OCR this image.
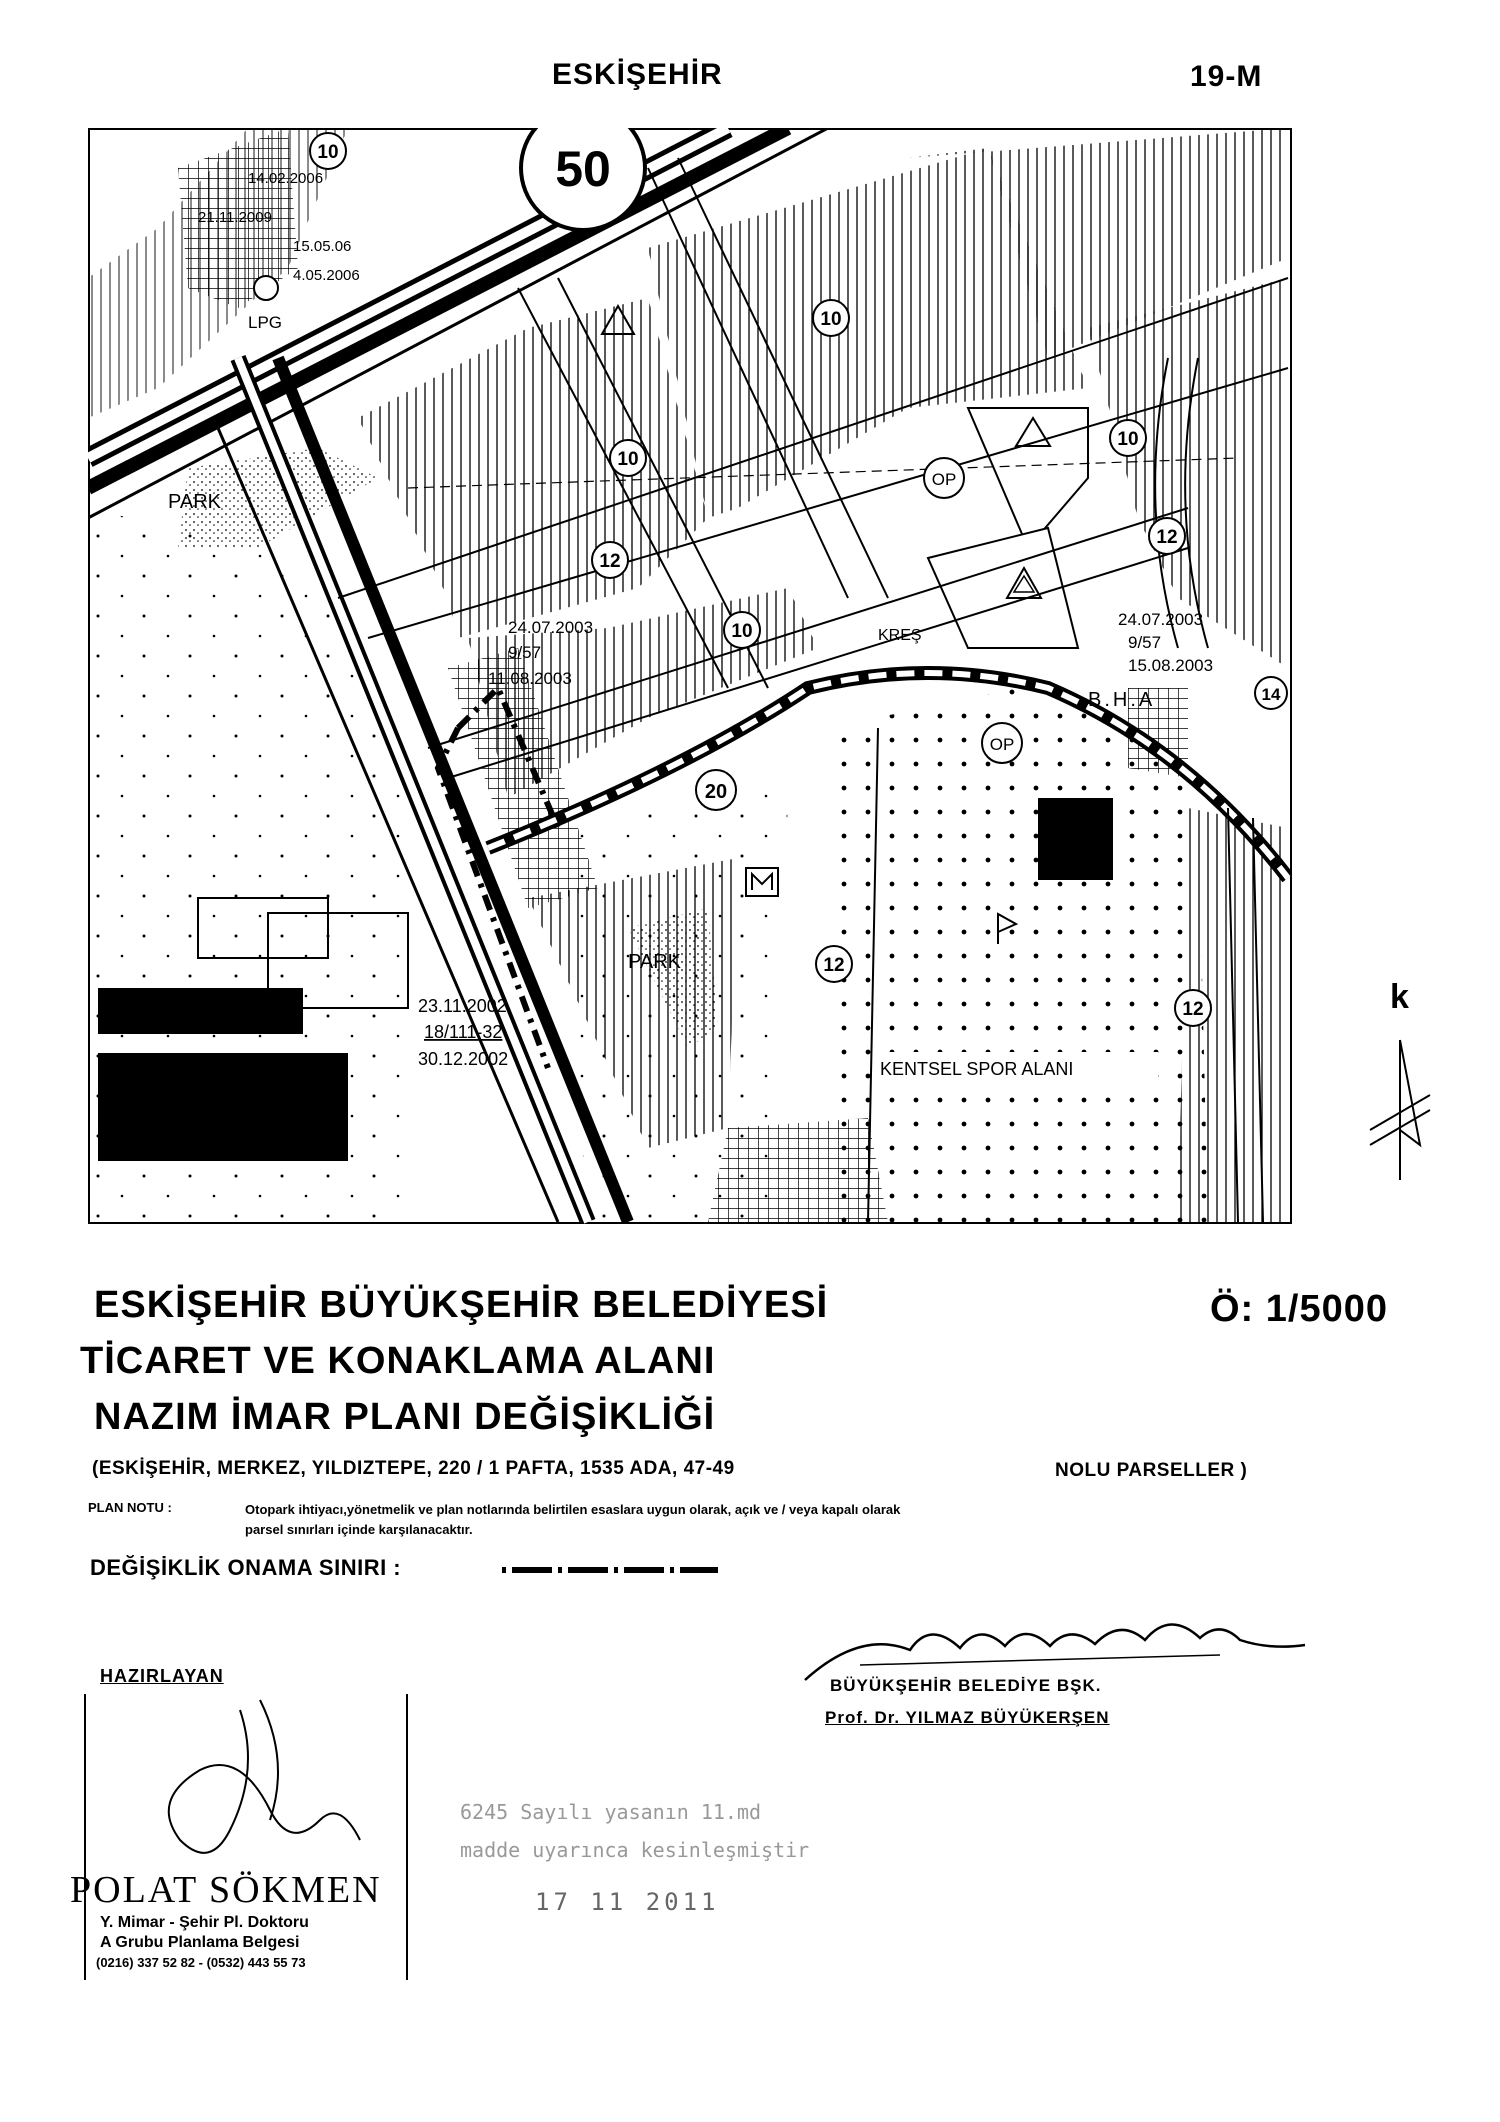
ESKİŞEHİR	19-M
50
OP
OP
LPG
10
10
10
10
12
12
12
12
20
10
14
PARK
PARK
KREŞ
B.H.A
KENTSEL SPOR ALANI
14.02.2006
21.11.2009
15.05.06
4.05.2006
24.07.2003
9/57
11.08.2003
24.07.2003
9/57
15.08.2003
23.11.2002
18/111-32
30.12.2002
k
ESKİŞEHİR BÜYÜKŞEHİR BELEDİYESİ	Ö: 1/5000
TİCARET VE KONAKLAMA ALANI
NAZIM İMAR PLANI DEĞİŞİKLİĞİ
(ESKİŞEHİR, MERKEZ, YILDIZTEPE, 220 / 1 PAFTA, 1535 ADA, 47-49	NOLU PARSELLER )
PLAN NOTU :	Otopark ihtiyacı,yönetmelik ve plan notlarında belirtilen esaslara uygun olarak, açık ve / veya kapalı olarak
parsel sınırları içinde karşılanacaktır.
DEĞİŞİKLİK ONAMA SINIRI :
BÜYÜKŞEHİR BELEDİYE BŞK.
Prof. Dr. YILMAZ BÜYÜKERŞEN
HAZIRLAYAN
POLAT SÖKMEN
Y. Mimar - Şehir Pl. Doktoru
A Grubu Planlama Belgesi
(0216) 337 52 82 - (0532) 443 55 73
6245 Sayılı yasanın 11.md
madde uyarınca kesinleşmiştir
17 11 2011
